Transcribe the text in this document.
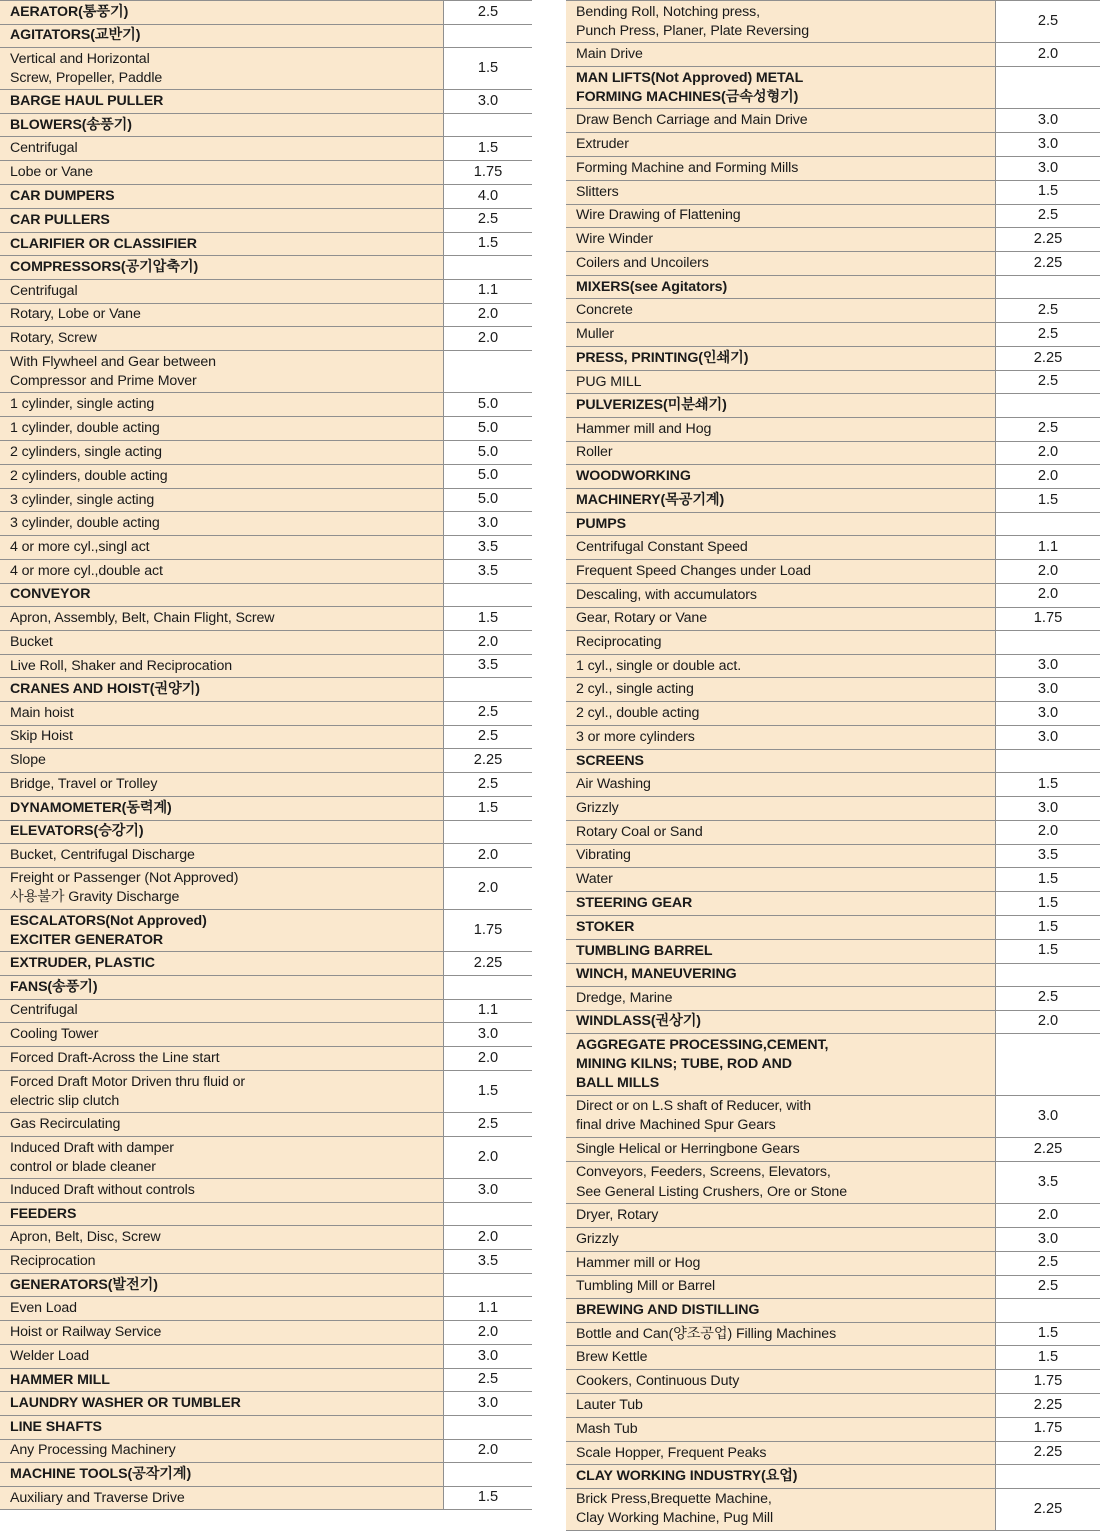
AERATOR(통풍기)	2.5
AGITATORS(교반기)	

Vertical and Horizontal
Screw, Propeller, Paddle	1.5
BARGE HAUL PULLER	3.0
BLOWERS(송풍기)	
Centrifugal	1.5
Lobe or Vane	1.75
CAR DUMPERS	4.0
CAR PULLERS	2.5
CLARIFIER OR CLASSIFIER	1.5
COMPRESSORS(공기압축기)	
Centrifugal	1.1
Rotary, Lobe or Vane	2.0
Rotary, Screw	2.0

With Flywheel and Gear between
Compressor and Prime Mover	

1 cylinder, single acting	5.0
1 cylinder, double acting	5.0
2 cylinders, single acting	5.0
2 cylinders, double acting	5.0
3 cylinder, single acting	5.0
3 cylinder, double acting	3.0
4 or more cyl.,singl act	3.5
4 or more cyl.,double act	3.5
CONVEYOR	
Apron, Assembly, Belt, Chain Flight, Screw	1.5
Bucket	2.0
Live Roll, Shaker and Reciprocation	3.5
CRANES AND HOIST(권양기)	
Main hoist	2.5
Skip Hoist	2.5
Slope	2.25
Bridge, Travel or Trolley	2.5
DYNAMOMETER(동력계)	1.5
ELEVATORS(승강기)	
Bucket, Centrifugal Discharge	2.0

Freight or Passenger (Not Approved)
사용불가 Gravity Discharge	2.0

ESCALATORS(Not Approved)
EXCITER GENERATOR	1.75
EXTRUDER, PLASTIC	2.25
FANS(송풍기)	
Centrifugal	1.1
Cooling Tower	3.0
Forced Draft-Across the Line start	2.0

Forced Draft Motor Driven thru fluid or
electric slip clutch	1.5
Gas Recirculating	2.5

Induced Draft with damper
control or blade cleaner	2.0
Induced Draft without controls	3.0
FEEDERS	
Apron, Belt, Disc, Screw	2.0
Reciprocation	3.5
GENERATORS(발전기)	
Even Load	1.1
Hoist or Railway Service	2.0
Welder Load	3.0
HAMMER MILL	2.5
LAUNDRY WASHER OR TUMBLER	3.0
LINE SHAFTS	
Any Processing Machinery	2.0
MACHINE TOOLS(공작기계)	
Auxiliary and Traverse Drive	1.5
Bending Roll, Notching press,
Punch Press, Planer, Plate Reversing	2.5
Main Drive	2.0

MAN LIFTS(Not Approved) METAL
FORMING MACHINES(금속성형기)	

Draw Bench Carriage and Main Drive	3.0
Extruder	3.0
Forming Machine and Forming Mills	3.0
Slitters	1.5
Wire Drawing of Flattening	2.5
Wire Winder	2.25
Coilers and Uncoilers	2.25
MIXERS(see Agitators)	
Concrete	2.5
Muller	2.5
PRESS, PRINTING(인쇄기)	2.25
PUG MILL	2.5
PULVERIZES(미분쇄기)	
Hammer mill and Hog	2.5
Roller	2.0
WOODWORKING	2.0
MACHINERY(목공기계)	1.5
PUMPS	
Centrifugal Constant Speed	1.1
Frequent Speed Changes under Load	2.0
Descaling, with accumulators	2.0
Gear, Rotary or Vane	1.75
Reciprocating	
1 cyl., single or double act.	3.0
2 cyl., single acting	3.0
2 cyl., double acting	3.0
3 or more cylinders	3.0
SCREENS	
Air Washing	1.5
Grizzly	3.0
Rotary Coal or Sand	2.0
Vibrating	3.5
Water	1.5
STEERING GEAR	1.5
STOKER	1.5
TUMBLING BARREL	1.5
WINCH, MANEUVERING	
Dredge, Marine	2.5
WINDLASS(권상기)	2.0

AGGREGATE PROCESSING,CEMENT,
MINING KILNS; TUBE, ROD AND
BALL MILLS	

Direct or on L.S shaft of Reducer, with
final drive Machined Spur Gears	3.0
Single Helical or Herringbone Gears	2.25

Conveyors, Feeders, Screens, Elevators,
See General Listing Crushers, Ore or Stone	3.5
Dryer, Rotary	2.0
Grizzly	3.0
Hammer mill or Hog	2.5
Tumbling Mill or Barrel	2.5
BREWING AND DISTILLING	
Bottle and Can(양조공업) Filling Machines	1.5
Brew Kettle	1.5
Cookers, Continuous Duty	1.75
Lauter Tub	2.25
Mash Tub	1.75
Scale Hopper, Frequent Peaks	2.25
CLAY WORKING INDUSTRY(요업)	

Brick Press,Brequette Machine,
Clay Working Machine, Pug Mill	2.25
